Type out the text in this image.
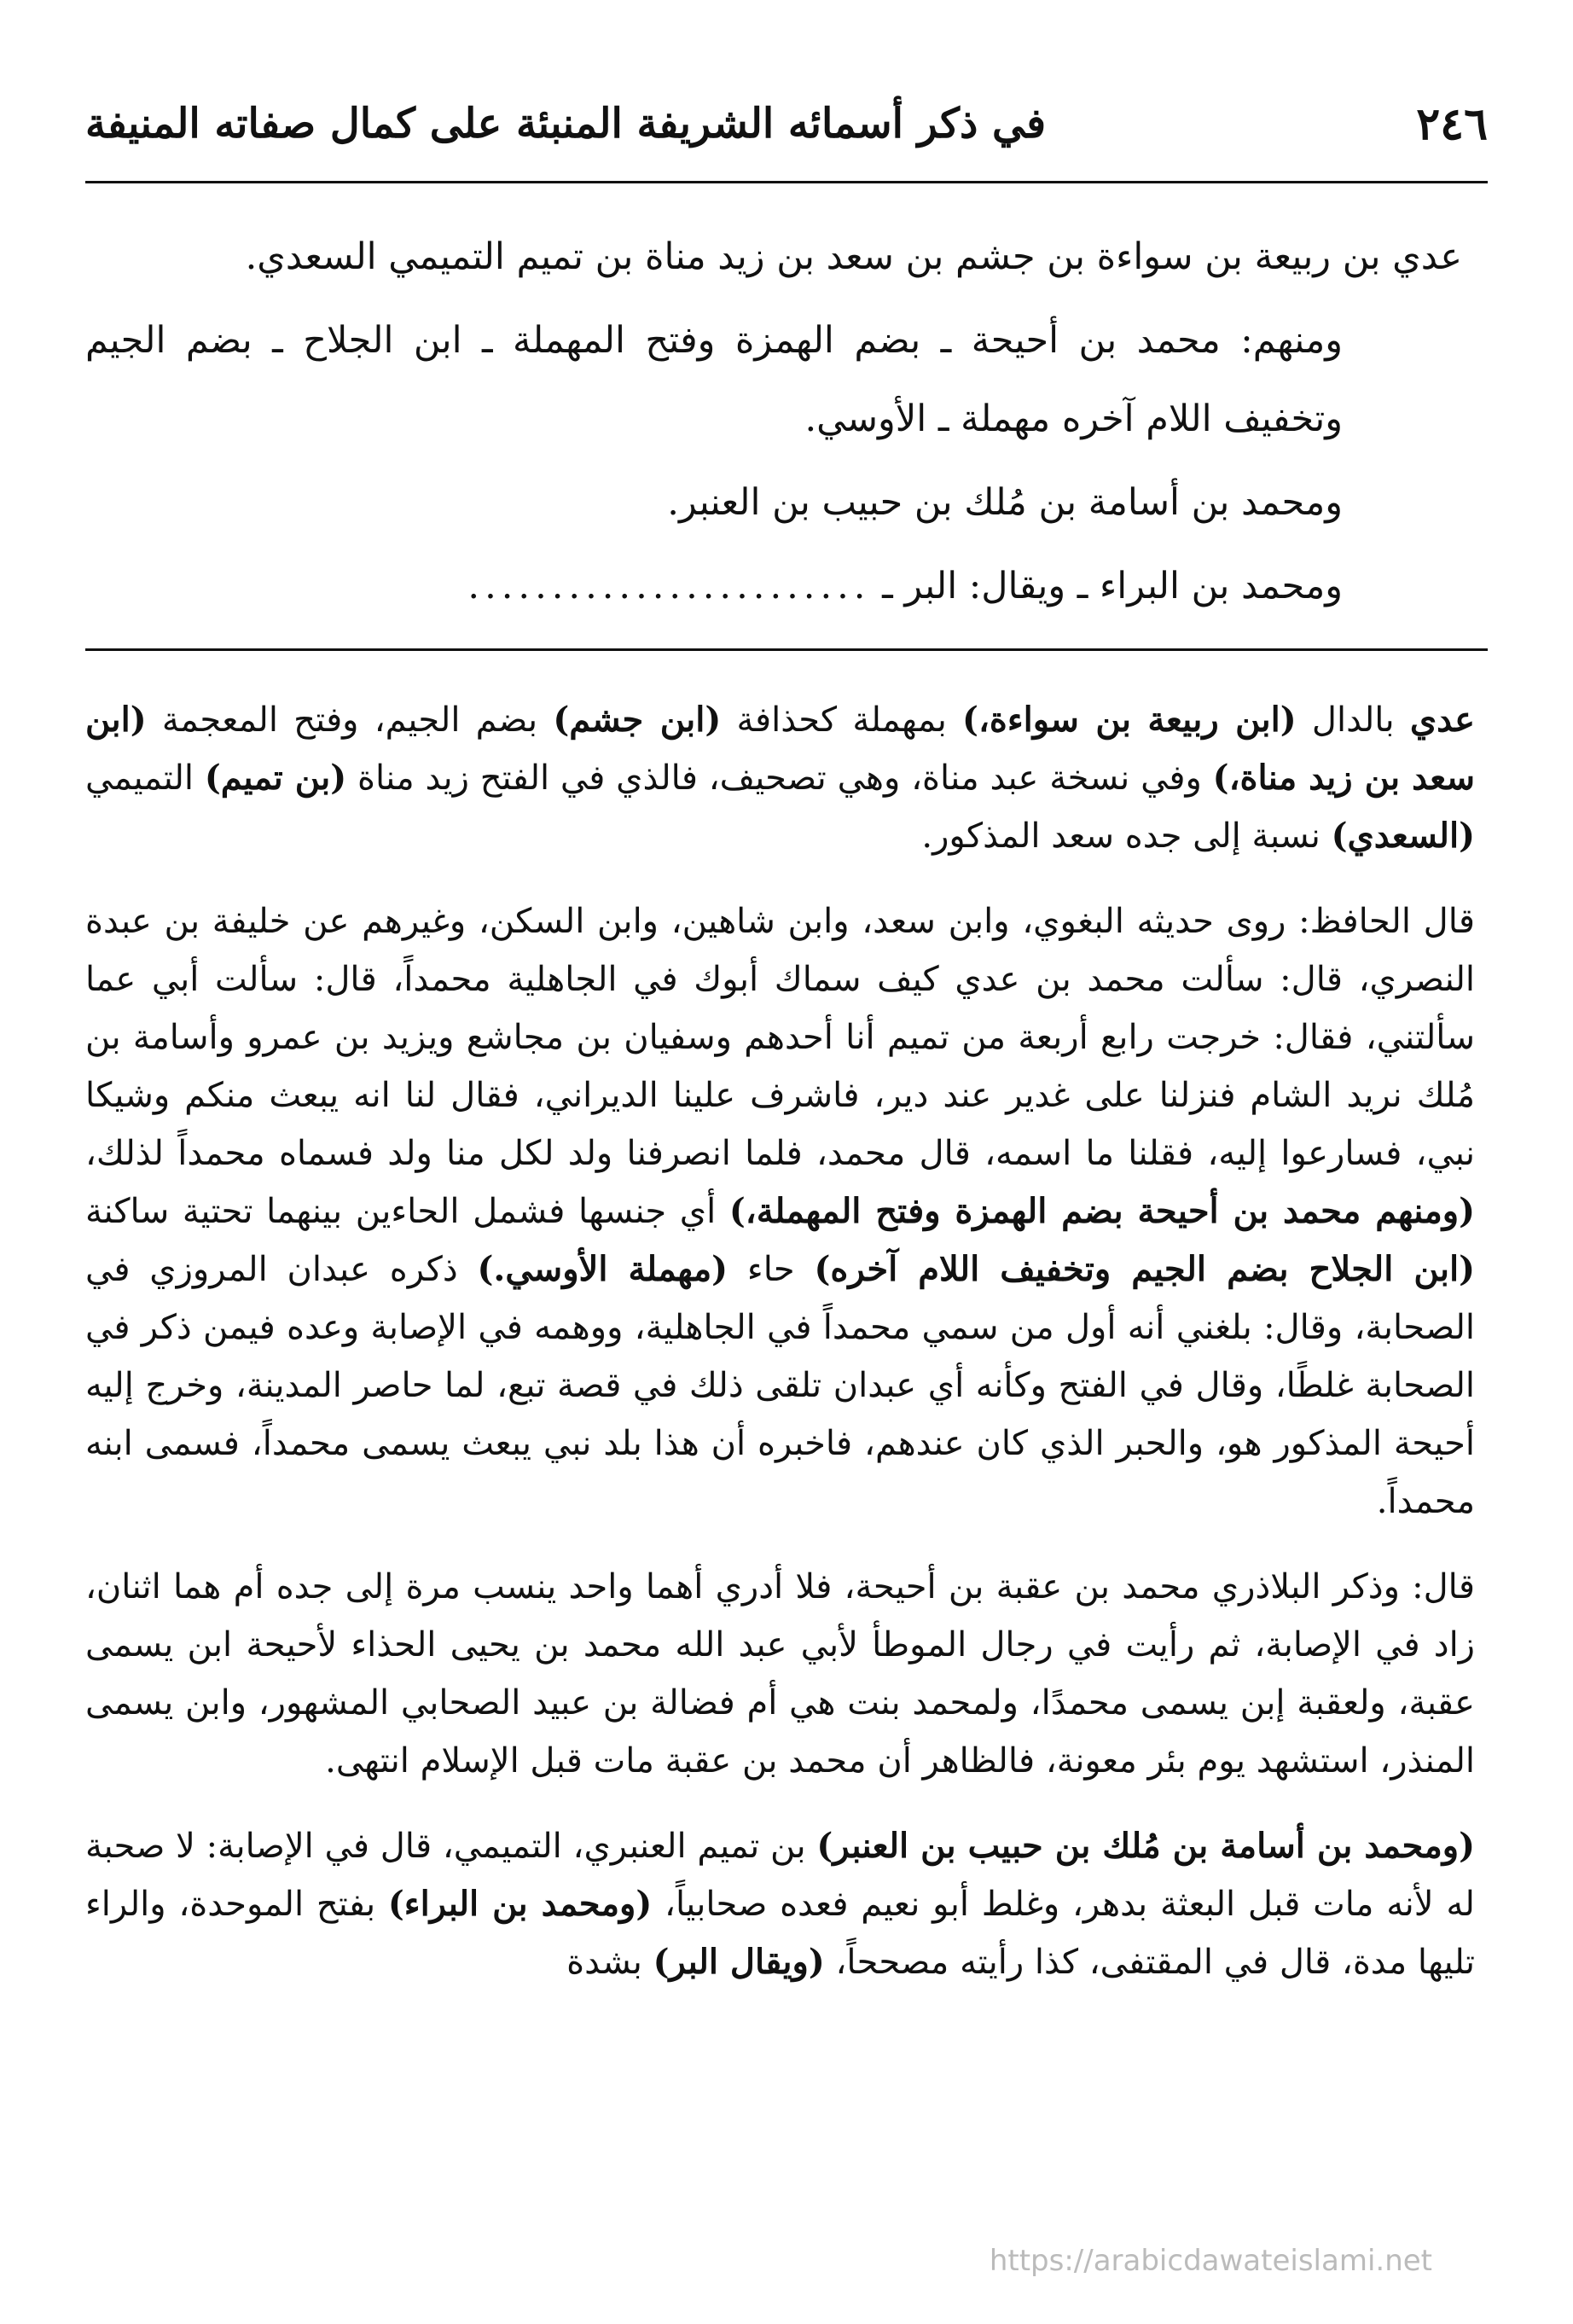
٢٤٦
في ذكر أسمائه الشريفة المنبئة على كمال صفاته المنيفة

عدي بن ربيعة بن سواءة بن جشم بن سعد بن زيد مناة بن تميم التميمي السعدي.

ومنهم: محمد بن أحيحة ـ بضم الهمزة وفتح المهملة ـ ابن الجلاح ـ بضم الجيم وتخفيف اللام آخره مهملة ـ الأوسي.

ومحمد بن أسامة بن مُلك بن حبيب بن العنبر.

ومحمد بن البراء ـ ويقال: البر ـ ........................

عدي بالدال (ابن ربيعة بن سواءة،) بمهملة كحذافة (ابن جشم) بضم الجيم، وفتح المعجمة (ابن سعد بن زيد مناة،) وفي نسخة عبد مناة، وهي تصحيف، فالذي في الفتح زيد مناة (بن تميم) التميمي (السعدي) نسبة إلى جده سعد المذكور.

قال الحافظ: روى حديثه البغوي، وابن سعد، وابن شاهين، وابن السكن، وغيرهم عن خليفة بن عبدة النصري، قال: سألت محمد بن عدي كيف سماك أبوك في الجاهلية محمداً، قال: سألت أبي عما سألتني، فقال: خرجت رابع أربعة من تميم أنا أحدهم وسفيان بن مجاشع ويزيد بن عمرو وأسامة بن مُلك نريد الشام فنزلنا على غدير عند دير، فاشرف علينا الديراني، فقال لنا انه يبعث منكم وشيكا نبي، فسارعوا إليه، فقلنا ما اسمه، قال محمد، فلما انصرفنا ولد لكل منا ولد فسماه محمداً لذلك، (ومنهم محمد بن أحيحة بضم الهمزة وفتح المهملة،) أي جنسها فشمل الحاءين بينهما تحتية ساكنة (ابن الجلاح بضم الجيم وتخفيف اللام آخره) حاء (مهملة الأوسي.) ذكره عبدان المروزي في الصحابة، وقال: بلغني أنه أول من سمي محمداً في الجاهلية، ووهمه في الإصابة وعده فيمن ذكر في الصحابة غلطًا، وقال في الفتح وكأنه أي عبدان تلقى ذلك في قصة تبع، لما حاصر المدينة، وخرج إليه أحيحة المذكور هو، والحبر الذي كان عندهم، فاخبره أن هذا بلد نبي يبعث يسمى محمداً، فسمى ابنه محمداً.

قال: وذكر البلاذري محمد بن عقبة بن أحيحة، فلا أدري أهما واحد ينسب مرة إلى جده أم هما اثنان، زاد في الإصابة، ثم رأيت في رجال الموطأ لأبي عبد الله محمد بن يحيى الحذاء لأحيحة ابن يسمى عقبة، ولعقبة إبن يسمى محمدًا، ولمحمد بنت هي أم فضالة بن عبيد الصحابي المشهور، وابن يسمى المنذر، استشهد يوم بئر معونة، فالظاهر أن محمد بن عقبة مات قبل الإسلام انتهى.

(ومحمد بن أسامة بن مُلك بن حبيب بن العنبر) بن تميم العنبري، التميمي، قال في الإصابة: لا صحبة له لأنه مات قبل البعثة بدهر، وغلط أبو نعيم فعده صحابياً، (ومحمد بن البراء) بفتح الموحدة، والراء تليها مدة، قال في المقتفى، كذا رأيته مصححاً، (ويقال البر) بشدة

https://arabicdawateislami.net
